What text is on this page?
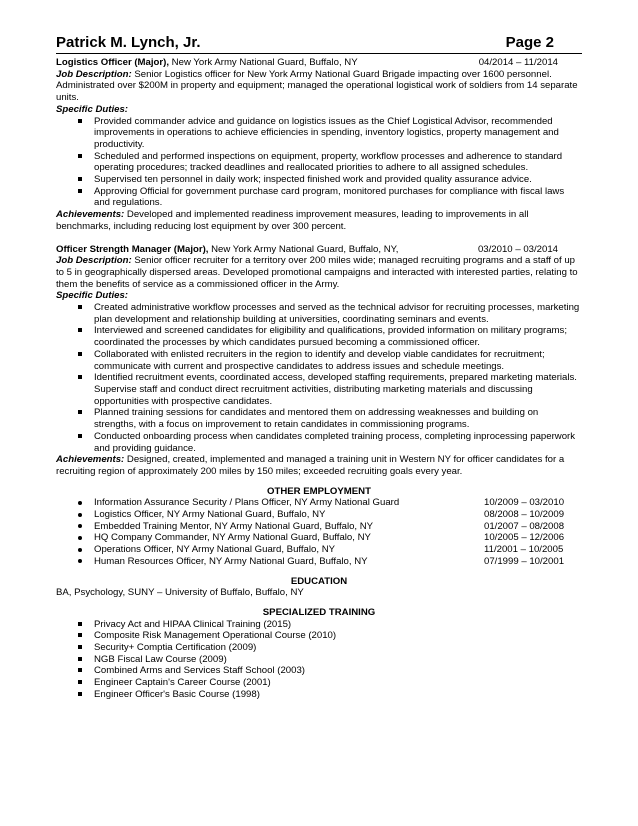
Patrick M. Lynch, Jr.	Page 2
Logistics Officer (Major), New York Army National Guard, Buffalo, NY	04/2014 – 11/2014

Job Description: Senior Logistics officer for New York Army National Guard Brigade impacting over 1600 personnel. Administrated over $200M in property and equipment; managed the operational logistical work of soldiers from 14 separate units.

Specific Duties:

Provided commander advice and guidance on logistics issues as the Chief Logistical Advisor, recommended improvements in operations to achieve efficiencies in spending, inventory logistics, property management and productivity.
Scheduled and performed inspections on equipment, property, workflow processes and adherence to standard operating procedures; tracked deadlines and reallocated priorities to adhere to all assigned schedules.
Supervised ten personnel in daily work; inspected finished work and provided quality assurance advice.
Approving Official for government purchase card program, monitored purchases for compliance with fiscal laws and regulations.

Achievements: Developed and implemented readiness improvement measures, leading to improvements in all benchmarks, including reducing lost equipment by over 300 percent.

Officer Strength Manager (Major), New York Army National Guard, Buffalo, NY,	03/2010 – 03/2014

Job Description: Senior officer recruiter for a territory over 200 miles wide; managed recruiting programs and a staff of up to 5 in geographically dispersed areas. Developed promotional campaigns and interacted with interested parties, relating to them the benefits of service as a commissioned officer in the Army.

Specific Duties:

Created administrative workflow processes and served as the technical advisor for recruiting processes, marketing plan development and relationship building at universities, coordinating seminars and events.
Interviewed and screened candidates for eligibility and qualifications, provided information on military programs; coordinated the processes by which candidates pursued becoming a commissioned officer.
Collaborated with enlisted recruiters in the region to identify and develop viable candidates for recruitment; communicate with current and prospective candidates to address issues and schedule meetings.
Identified recruitment events, coordinated access, developed staffing requirements, prepared marketing materials. Supervise staff and conduct direct recruitment activities, distributing marketing materials and discussing opportunities with prospective candidates.
Planned training sessions for candidates and mentored them on addressing weaknesses and building on strengths, with a focus on improvement to retain candidates in commissioning programs.
Conducted onboarding process when candidates completed training process, completing inprocessing paperwork and providing guidance.

Achievements: Designed, created, implemented and managed a training unit in Western NY for officer candidates for a recruiting region of approximately 200 miles by 150 miles; exceeded recruiting goals every year.

OTHER EMPLOYMENT
Information Assurance Security / Plans Officer, NY Army National Guard	10/2009 – 03/2010
Logistics Officer, NY Army National Guard, Buffalo, NY	08/2008 – 10/2009
Embedded Training Mentor, NY Army National Guard, Buffalo, NY	01/2007 – 08/2008
HQ Company Commander, NY Army National Guard, Buffalo, NY	10/2005 – 12/2006
Operations Officer, NY Army National Guard, Buffalo, NY	11/2001 – 10/2005
Human Resources Officer, NY Army National Guard, Buffalo, NY	07/1999 – 10/2001
EDUCATION

BA, Psychology, SUNY – University of Buffalo, Buffalo, NY

SPECIALIZED TRAINING
Privacy Act and HIPAA Clinical Training (2015)
Composite Risk Management Operational Course (2010)
Security+ Comptia Certification (2009)
NGB Fiscal Law Course (2009)
Combined Arms and Services Staff School (2003)
Engineer Captain's Career Course (2001)
Engineer Officer's Basic Course (1998)
